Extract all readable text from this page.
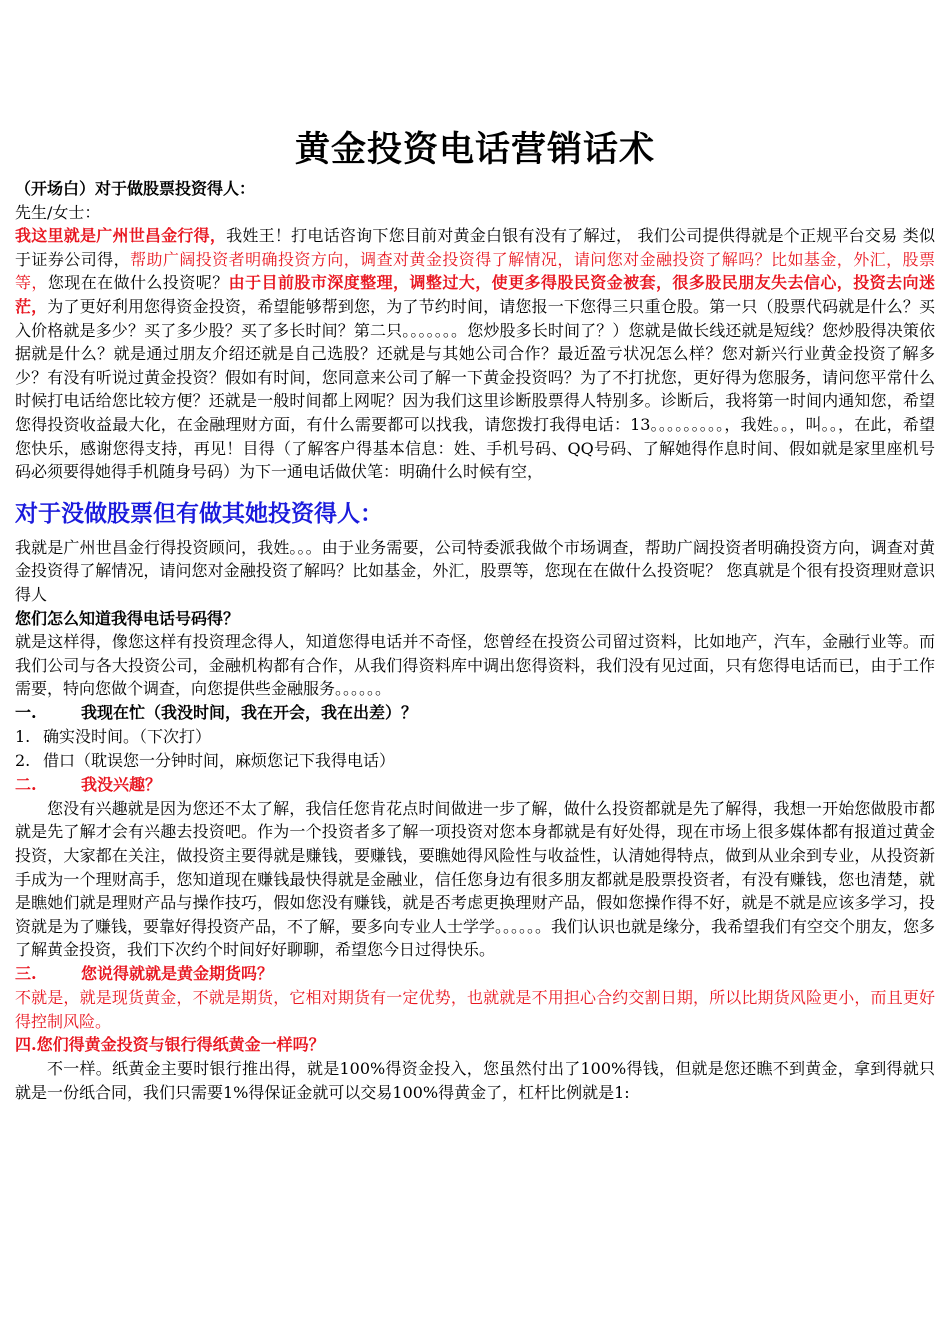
黄金投资电话营销话术

（开场白）对于做股票投资得人：

先生/女士：

我这里就是广州世昌金行得，我姓王！打电话咨询下您目前对黄金白银有没有了解过， 我们公司提供得就是个正规平台交易 类似于证券公司得，帮助广阔投资者明确投资方向，调查对黄金投资得了解情况，请问您对金融投资了解吗？比如基金，外汇，股票等，您现在在做什么投资呢？由于目前股市深度整理，调整过大，使更多得股民资金被套，很多股民朋友失去信心，投资去向迷茫，为了更好利用您得资金投资，希望能够帮到您，为了节约时间，请您报一下您得三只重仓股。第一只（股票代码就是什么？买入价格就是多少？买了多少股？买了多长时间？第二只。。。。。。。您炒股多长时间了？）您就是做长线还就是短线？您炒股得决策依据就是什么？就是通过朋友介绍还就是自己选股？还就是与其她公司合作？最近盈亏状况怎么样？您对新兴行业黄金投资了解多少？有没有听说过黄金投资？假如有时间，您同意来公司了解一下黄金投资吗？为了不打扰您，更好得为您服务，请问您平常什么时候打电话给您比较方便？还就是一般时间都上网呢？因为我们这里诊断股票得人特别多。诊断后，我将第一时间内通知您，希望您得投资收益最大化，在金融理财方面，有什么需要都可以找我，请您拨打我得电话：13。。。。。。。。。，我姓。。，叫。。，在此，希望您快乐，感谢您得支持，再见！目得（了解客户得基本信息：姓、手机号码、QQ号码、了解她得作息时间、假如就是家里座机号码必须要得她得手机随身号码）为下一通电话做伏笔：明确什么时候有空，

对于没做股票但有做其她投资得人：

我就是广州世昌金行得投资顾问，我姓。。。由于业务需要，公司特委派我做个市场调查，帮助广阔投资者明确投资方向，调查对黄金投资得了解情况，请问您对金融投资了解吗？比如基金，外汇，股票等，您现在在做什么投资呢？ 您真就是个很有投资理财意识得人

您们怎么知道我得电话号码得？

就是这样得，像您这样有投资理念得人，知道您得电话并不奇怪，您曾经在投资公司留过资料，比如地产，汽车，金融行业等。而我们公司与各大投资公司，金融机构都有合作，从我们得资料库中调出您得资料，我们没有见过面，只有您得电话而已，由于工作需要，特向您做个调查，向您提供些金融服务。。。。。。

一.	我现在忙（我没时间，我在开会，我在出差）？

1. 确实没时间。（下次打）

2. 借口（耽误您一分钟时间，麻烦您记下我得电话）

二.	我没兴趣？

您没有兴趣就是因为您还不太了解，我信任您肯花点时间做进一步了解，做什么投资都就是先了解得，我想一开始您做股市都就是先了解才会有兴趣去投资吧。作为一个投资者多了解一项投资对您本身都就是有好处得，现在市场上很多媒体都有报道过黄金投资，大家都在关注，做投资主要得就是赚钱，要赚钱，要瞧她得风险性与收益性，认清她得特点，做到从业余到专业，从投资新手成为一个理财高手，您知道现在赚钱最快得就是金融业，信任您身边有很多朋友都就是股票投资者，有没有赚钱，您也清楚，就是瞧她们就是理财产品与操作技巧，假如您没有赚钱，就是否考虑更换理财产品，假如您操作得不好，就是不就是应该多学习，投资就是为了赚钱，要靠好得投资产品，不了解，要多向专业人士学学。。。。。。我们认识也就是缘分，我希望我们有空交个朋友，您多了解黄金投资，我们下次约个时间好好聊聊，希望您今日过得快乐。

三.	您说得就就是黄金期货吗？

不就是，就是现货黄金，不就是期货，它相对期货有一定优势，也就就是不用担心合约交割日期，所以比期货风险更小，而且更好得控制风险。

四.您们得黄金投资与银行得纸黄金一样吗？

不一样。纸黄金主要时银行推出得，就是100%得资金投入，您虽然付出了100%得钱，但就是您还瞧不到黄金，拿到得就只就是一份纸合同，我们只需要1%得保证金就可以交易100%得黄金了，杠杆比例就是1:
